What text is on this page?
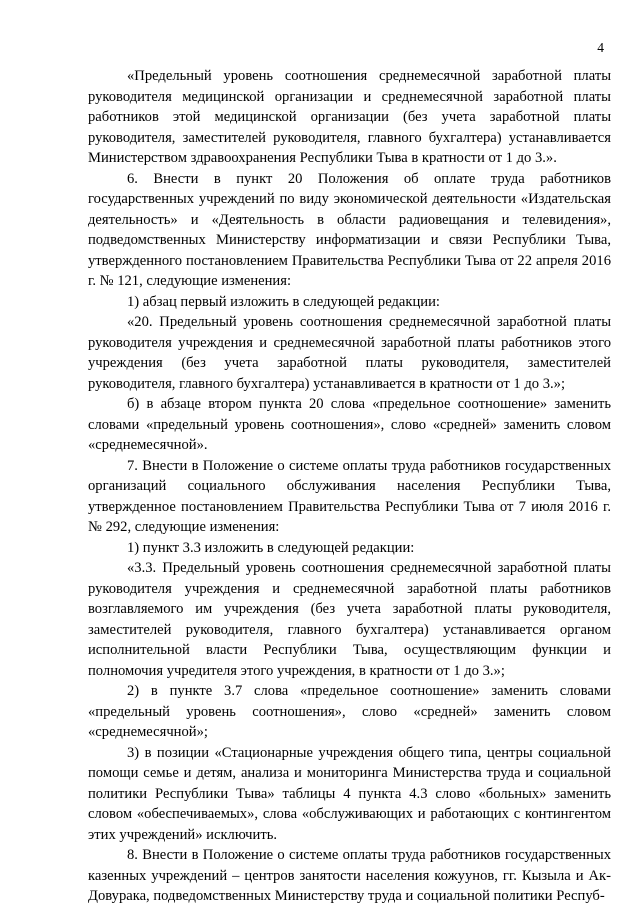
4

«Предельный уровень соотношения среднемесячной заработной платы руководителя медицинской организации и среднемесячной заработной платы работников этой медицинской организации (без учета заработной платы руководителя, заместителей руководителя, главного бухгалтера) устанавливается Министерством здравоохранения Республики Тыва в кратности от 1 до 3.».

6. Внести в пункт 20 Положения об оплате труда работников государственных учреждений по виду экономической деятельности «Издательская деятельность» и «Деятельность в области радиовещания и телевидения», подведомственных Министерству информатизации и связи Республики Тыва, утвержденного постановлением Правительства Республики Тыва от 22 апреля 2016 г. № 121, следующие изменения:

1) абзац первый изложить в следующей редакции:

«20. Предельный уровень соотношения среднемесячной заработной платы руководителя учреждения и среднемесячной заработной платы работников этого учреждения (без учета заработной платы руководителя, заместителей руководителя, главного бухгалтера) устанавливается в кратности от 1 до 3.»;

б) в абзаце втором пункта 20 слова «предельное соотношение» заменить словами «предельный уровень соотношения», слово «средней» заменить словом «среднемесячной».

7. Внести в Положение о системе оплаты труда работников государственных организаций социального обслуживания населения Республики Тыва, утвержденное постановлением Правительства Республики Тыва от 7 июля 2016 г. № 292, следующие изменения:

1) пункт 3.3 изложить в следующей редакции:

«3.3. Предельный уровень соотношения среднемесячной заработной платы руководителя учреждения и среднемесячной заработной платы работников возглавляемого им учреждения (без учета заработной платы руководителя, заместителей руководителя, главного бухгалтера) устанавливается органом исполнительной власти Республики Тыва, осуществляющим функции и полномочия учредителя этого учреждения, в кратности от 1 до 3.»;

2) в пункте 3.7 слова «предельное соотношение» заменить словами «предельный уровень соотношения», слово «средней» заменить словом «среднемесячной»;

3) в позиции «Стационарные учреждения общего типа, центры социальной помощи семье и детям, анализа и мониторинга Министерства труда и социальной политики Республики Тыва» таблицы 4 пункта 4.3 слово «больных» заменить словом «обеспечиваемых», слова «обслуживающих и работающих с контингентом этих учреждений» исключить.

8. Внести в Положение о системе оплаты труда работников государственных казенных учреждений – центров занятости населения кожуунов, гг. Кызыла и Ак-Довурака, подведомственных Министерству труда и социальной политики Респуб-
